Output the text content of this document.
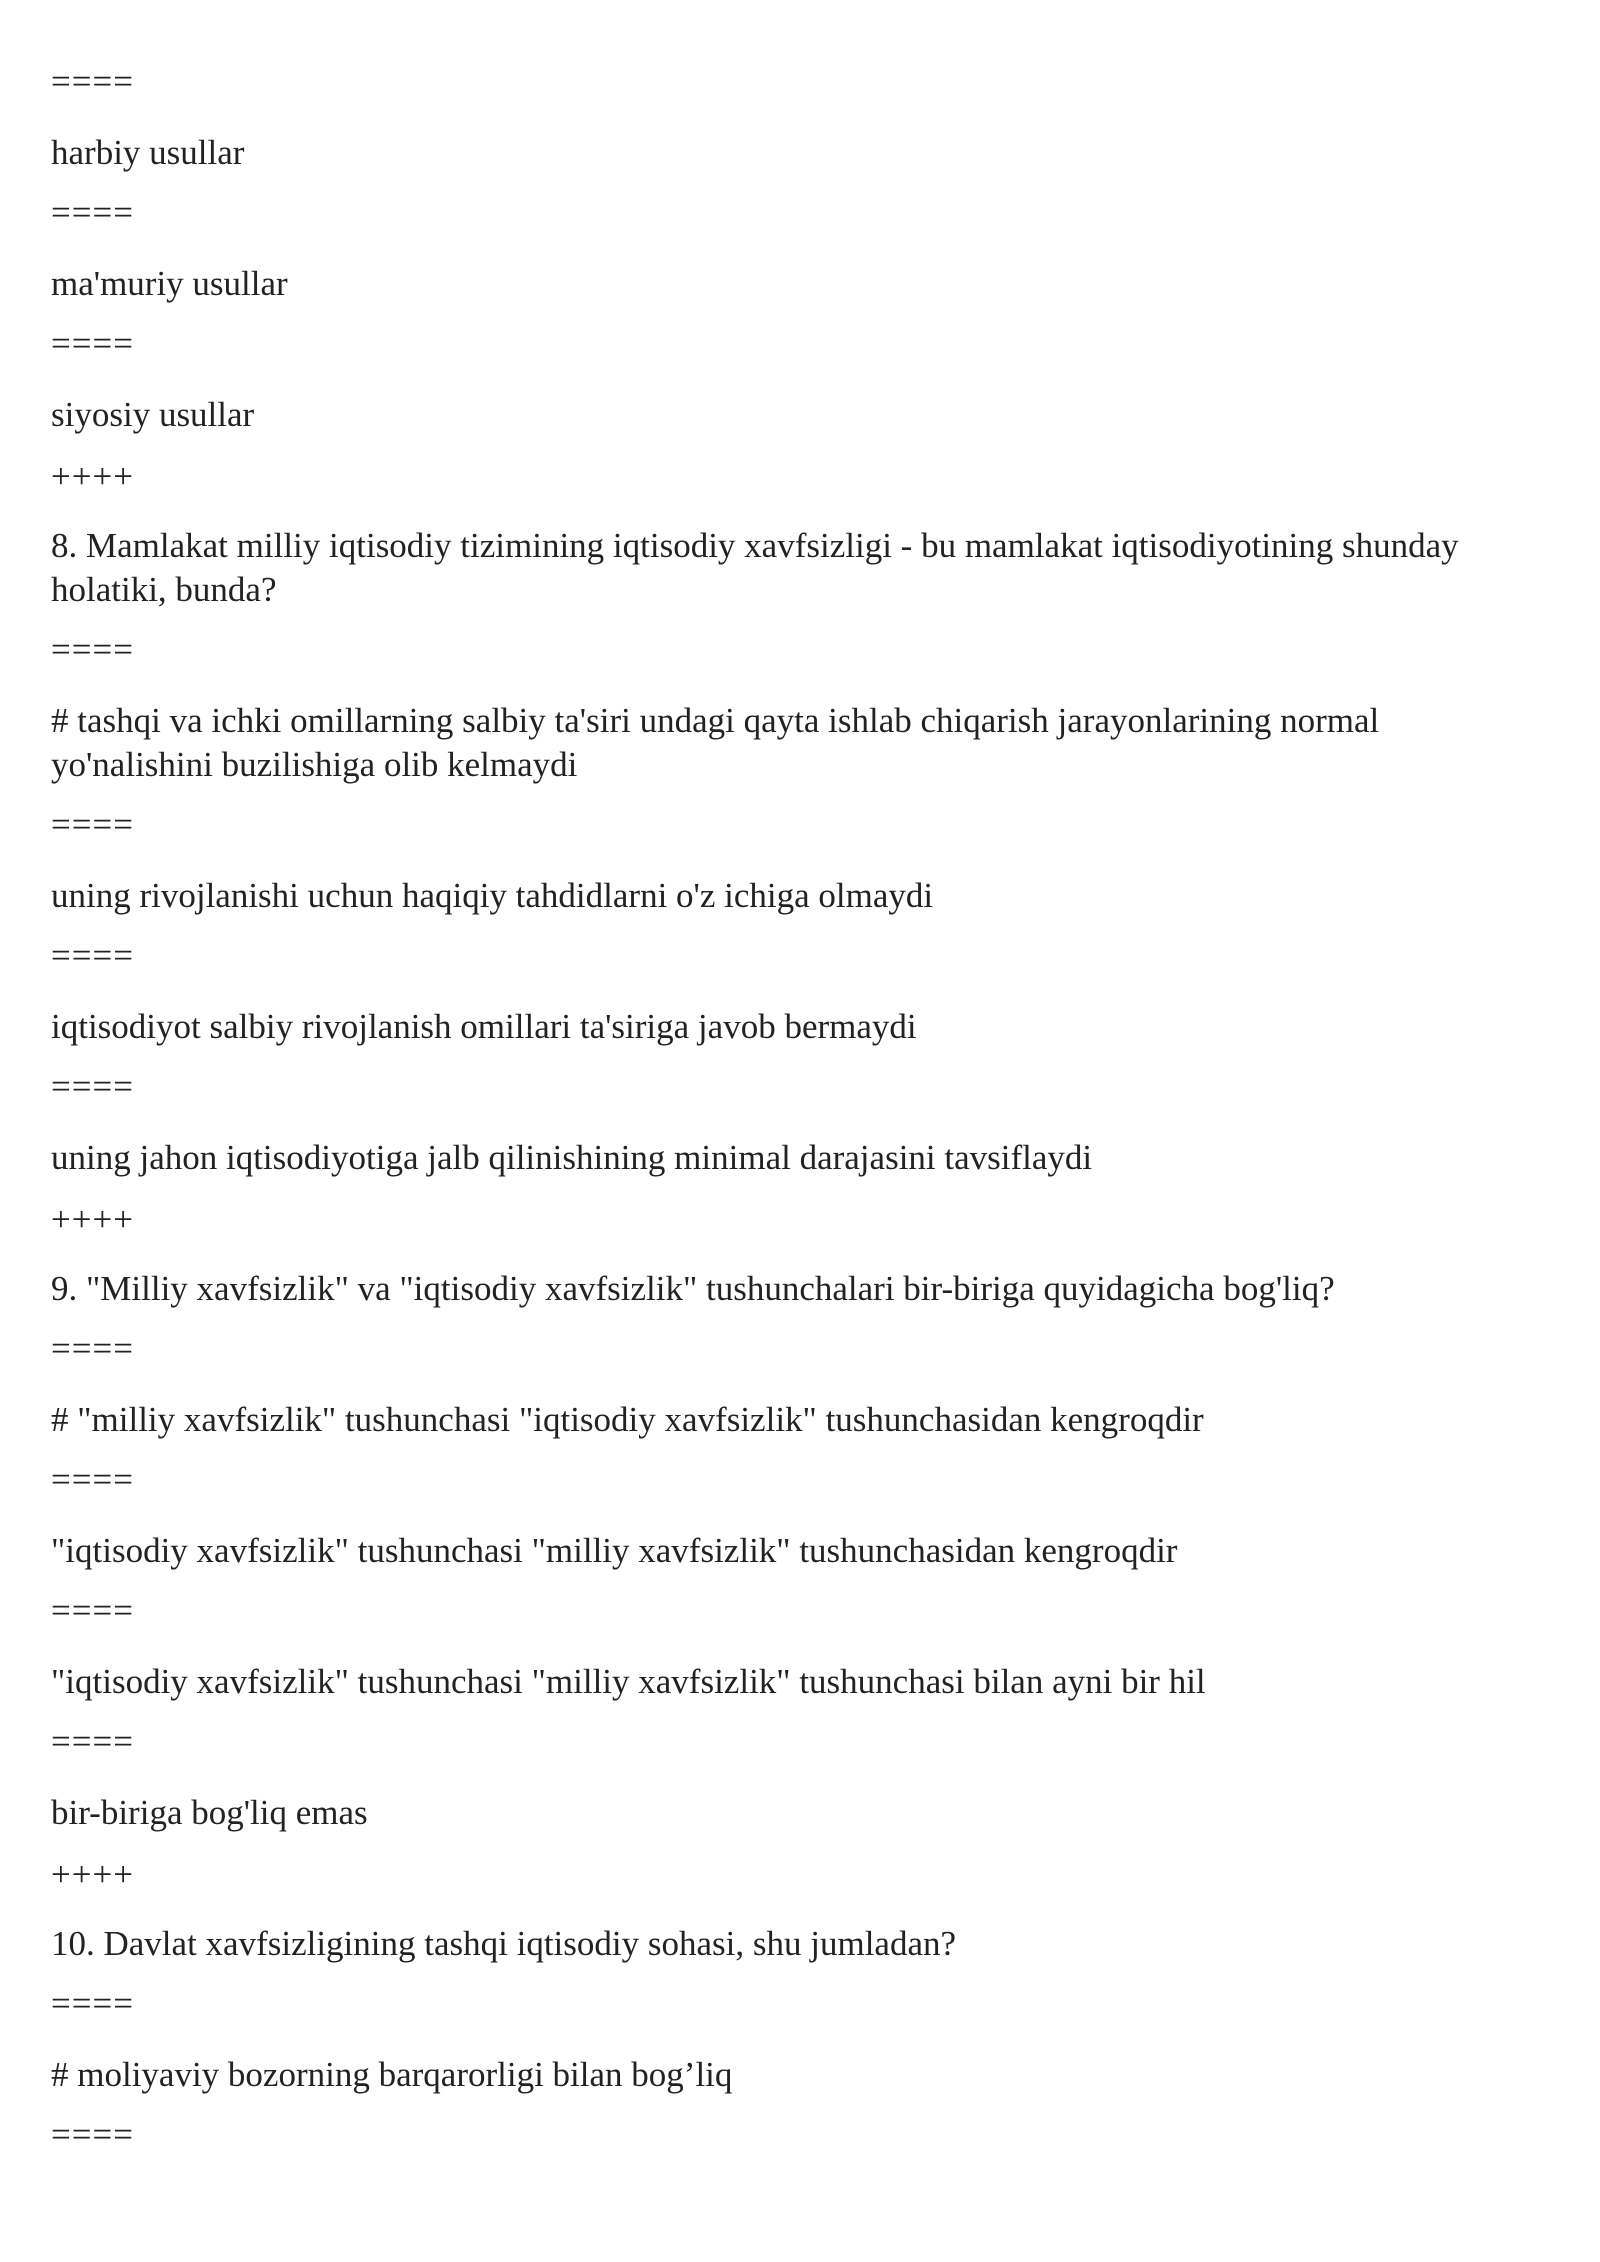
====

harbiy usullar

====

ma'muriy usullar

====

siyosiy usullar

++++

8. Mamlakat milliy iqtisodiy tizimining iqtisodiy xavfsizligi - bu mamlakat iqtisodiyotining shunday holatiki, bunda?

====

# tashqi va ichki omillarning salbiy ta'siri undagi qayta ishlab chiqarish jarayonlarining normal yo'nalishini buzilishiga olib kelmaydi

====

uning rivojlanishi uchun haqiqiy tahdidlarni o'z ichiga olmaydi

====

iqtisodiyot salbiy rivojlanish omillari ta'siriga javob bermaydi

====

uning jahon iqtisodiyotiga jalb qilinishining minimal darajasini tavsiflaydi

++++

9. "Milliy xavfsizlik" va "iqtisodiy xavfsizlik" tushunchalari bir-biriga quyidagicha bog'liq?

====

# "milliy xavfsizlik" tushunchasi "iqtisodiy xavfsizlik" tushunchasidan kengroqdir

====

"iqtisodiy xavfsizlik" tushunchasi "milliy xavfsizlik" tushunchasidan kengroqdir

====

"iqtisodiy xavfsizlik" tushunchasi "milliy xavfsizlik" tushunchasi bilan ayni bir hil

====

bir-biriga bog'liq emas

++++

10. Davlat xavfsizligining tashqi iqtisodiy sohasi, shu jumladan?

====

# moliyaviy bozorning barqarorligi bilan bog’liq

====
